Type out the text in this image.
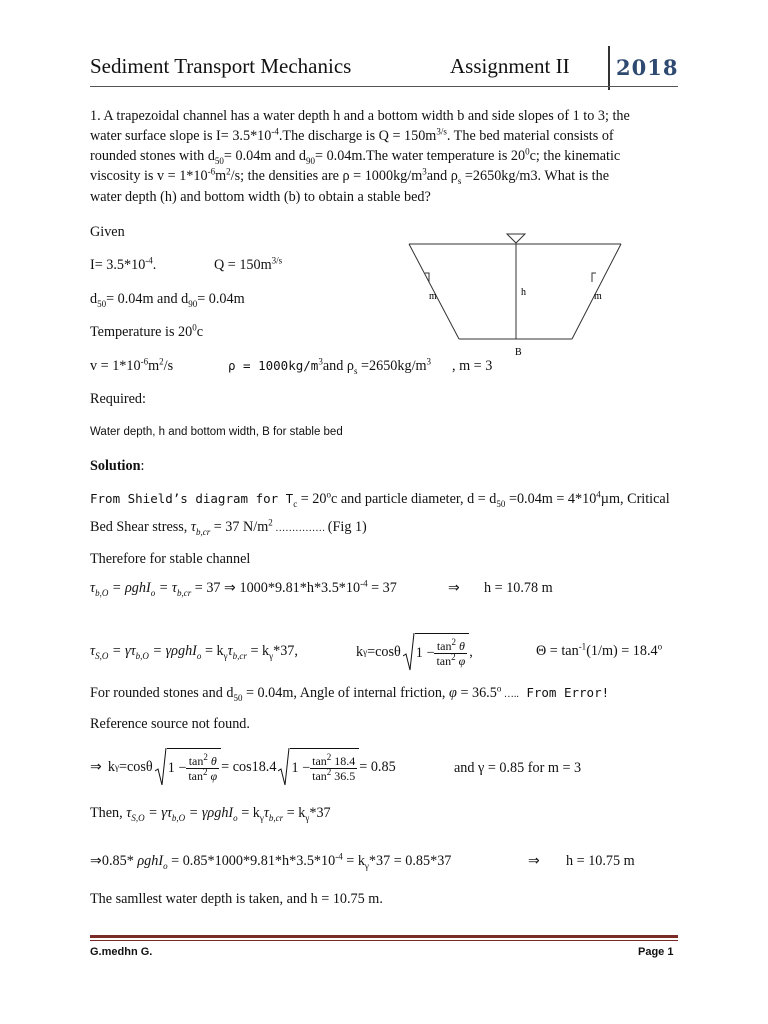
Sediment Transport Mechanics	Assignment II 2018
1. A trapezoidal channel has a water depth h and a bottom width b and side slopes of 1 to 3; the
water surface slope is $I= 3.5*10^{-4}.The$ discharge is $Q = 150m^{3/s}$. The bed material consists of
rounded stones with $d_{50}= 0.04m$ and $d_{90}= 0.04m.The$ water temperature is $20^0c$; the kinematic
viscosity is $v = 1*10^{-6}m^2/s$; the densities are $\rho = 1000kg/m^3and$ $\rho_s =2650kg/m3$. What is the
water depth (h) and bottom width (b) to obtain a stable bed?
Given
$I= 3.5*10^{-4}$.	$Q = 150m^{3/s}$
$d_{50}= 0.04m$ and $d_{90}= 0.04m$
Temperature is $20^0c$
$v = 1*10^{-6}m^2/s$	$\rho = 1000kg/m^3and$ $\rho_s =2650kg/m^3$ , m = 3
h
m	m
B
Required:
Water depth, h and bottom width, B for stable bed
Solution:
From Shield’s diagram for $T_c = 20^oc$ and particle diameter, $d = d_{50} =0.04m = 4*10^4\mu m$, Critical
Bed Shear stress, $\tau_{b,cr} = 37$ $N/m^2$ …………… (Fig 1)
Therefore for stable channel
$\tau_{b,O} = \rho ghI_o = \tau_{b,cr} = 37$ ⇒ $1000*9.81*h*3.5*10^{-4} = 37$	⇒ h = 10.78 m
$\tau_{S,O} = \gamma\tau_{b,O} = \gamma\rho ghI_o = k_\gamma\tau_{b,cr} = k_\gamma*37$,	k γ =cosθ $1 - \frac{\tan^2 \theta}{\tan^2 \varphi}$ ,	$\Theta = \tan^{-1}(1/m) = 18.4^o$
For rounded stones and $d_{50} = 0.04m$, Angle of internal friction, $\varphi = 36.5^o$ ….. From Error!
Reference source not found.
⇒ k γ =cosθ $1 - \frac{\tan^2 \theta}{\tan^2 \varphi} = \cos 18.4$ $1 - \frac{\tan^2 18.4}{\tan^2 36.5} = 0.85$	and γ = 0.85 for m = 3
Then, $\tau_{S,O} = \gamma\tau_{b,O} = \gamma\rho ghI_o = k_\gamma\tau_{b,cr} = k_\gamma*37$
⇒0.85* $\rho ghI_o = 0.85*1000*9.81*h*3.5*10^{-4} = k_\gamma*37 = 0.85*37$	⇒ h = 10.75 m
The samllest water depth is taken, and h = 10.75 m.
G.medhn G.	Page 1
